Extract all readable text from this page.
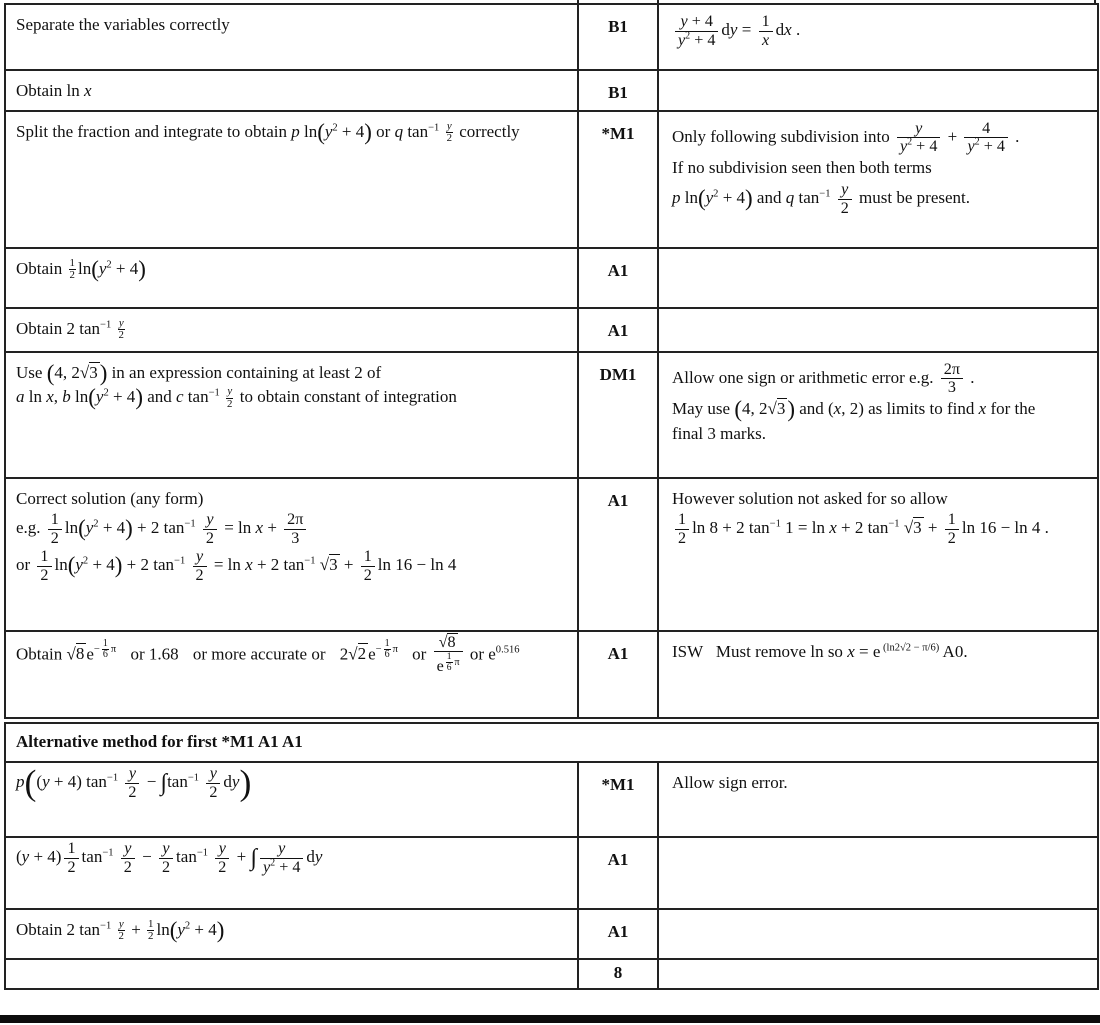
Separate the variables correctly	B1	$\frac{y + 4}{y^2 + 4}$ dy = $\frac{1}{x}$ dx .
Obtain ln x	B1	
Split the fraction and integrate to obtain p $\ln(y^2 + 4)$ or q $\tan^{-1} \frac{y}{2}$ correctly	*M1	Only following subdivision into $\frac{y}{y^2 + 4} + \frac{4}{y^2 + 4}$ .
If no subdivision seen then both terms
p $\ln(y^2 + 4)$ and q $\tan^{-1} \frac{y}{2}$ must be present.
Obtain $\frac{1}{2} \ln(y^2 + 4)$	A1	
Obtain 2 $\tan^{-1} \frac{y}{2}$	A1	
Use (4, 2√3) in an expression containing at least 2 of
a ln x, b $\ln(y^2 + 4)$ and c $\tan^{-1} \frac{y}{2}$ to obtain constant of integration	DM1	Allow one sign or arithmetic error e.g. $\frac{2\pi}{3}$ .
May use (4, 2√3) and (x, 2) as limits to find x for the
final 3 marks.
Correct solution (any form)
e.g. $\frac{1}{2} \ln(y^2 + 4) + 2$ $\tan^{-1} \frac{y}{2} = \ln x + \frac{2\pi}{3}$

or $\frac{1}{2} \ln(y^2 + 4) + 2$ $\tan^{-1} \frac{y}{2} = \ln x + 2$ $\tan^{-1} √3 + \frac{1}{2}$ ln 16 − ln 4	A1	However solution not asked for so allow

$\frac{1}{2}$ ln 8 + 2 $\tan^{-1} 1 = \ln x + 2$ $\tan^{-1} √3 + \frac{1}{2}$ ln 16 − ln 4 .
Obtain √8 $e^{- \frac{1}{6} \pi}$ or 1.68 or more accurate or 2√2 $e^{- \frac{1}{6} \pi}$ or √8
e $^{\frac{1}{6} \pi}$ or $e^{0.516}$	A1	ISW   Must remove ln so x = e $^{(ln2√2 - \pi/6)}$ A0.
Alternative method for first *M1 A1 A1		
p((y + 4) $\tan^{-1} \frac{y}{2} - \int\tan^{-1} \frac{y}{2} dy$)	*M1	Allow sign error.
$(y + 4) \frac{1}{2} \tan^{-1} \frac{y}{2} - \frac{y}{2} \tan^{-1} \frac{y}{2}$ + ∫ $\frac{y}{y^2 + 4}$ dy	A1	
Obtain 2 $\tan^{-1} \frac{y}{2} + \frac{1}{2} \ln(y^2 + 4)$	A1	
	8	
